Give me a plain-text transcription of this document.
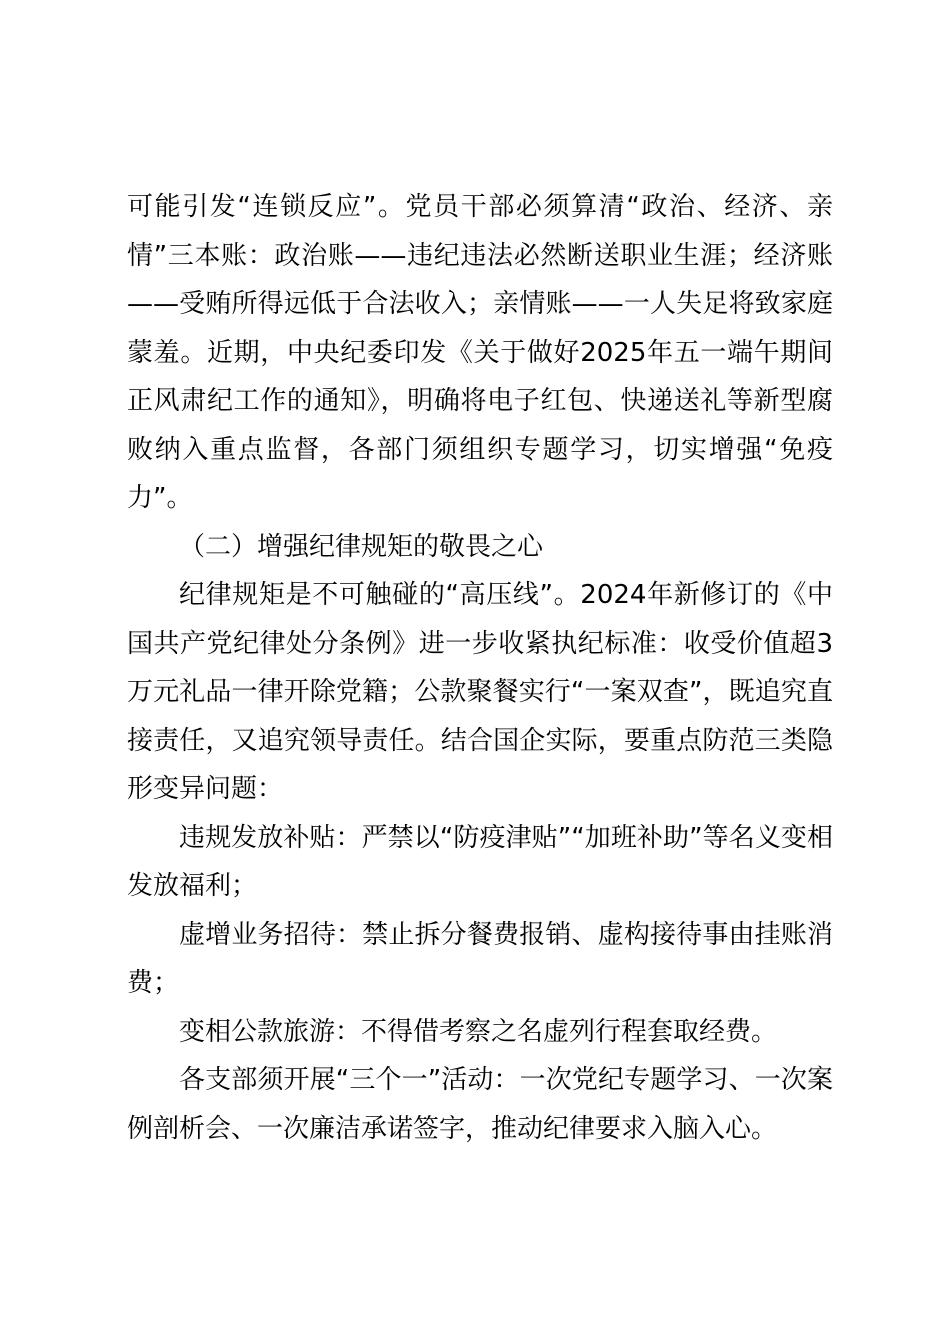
可能引发“连锁反应”。党员干部必须算清“政治、经济、亲情”三本账：政治账——违纪违法必然断送职业生涯；经济账——受贿所得远低于合法收入；亲情账——一人失足将致家庭蒙羞。近期，中央纪委印发《关于做好2025年五一端午期间正风肃纪工作的通知》，明确将电子红包、快递送礼等新型腐败纳入重点监督，各部门须组织专题学习，切实增强“免疫力”。

（二）增强纪律规矩的敬畏之心

纪律规矩是不可触碰的“高压线”。2024年新修订的《中国共产党纪律处分条例》进一步收紧执纪标准：收受价值超3万元礼品一律开除党籍；公款聚餐实行“一案双查”，既追究直接责任，又追究领导责任。结合国企实际，要重点防范三类隐形变异问题：

违规发放补贴：严禁以“防疫津贴”“加班补助”等名义变相发放福利；

虚增业务招待：禁止拆分餐费报销、虚构接待事由挂账消费；

变相公款旅游：不得借考察之名虚列行程套取经费。

各支部须开展“三个一”活动：一次党纪专题学习、一次案例剖析会、一次廉洁承诺签字，推动纪律要求入脑入心。
